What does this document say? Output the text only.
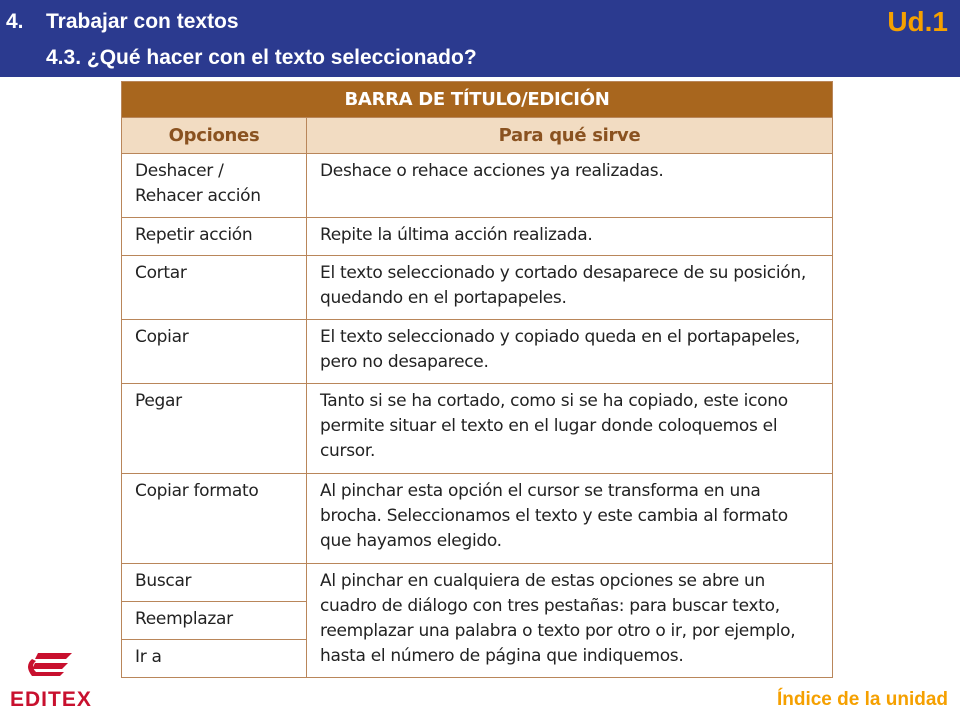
4. Trabajar con textos
4.3. ¿Qué hacer con el texto seleccionado?
Ud.1
BARRA DE TÍTULO/EDICIÓN	
Opciones	Para qué sirve
Deshacer / Rehacer acción	Deshace o rehace acciones ya realizadas.
Repetir acción	Repite la última acción realizada.
Cortar	El texto seleccionado y cortado desaparece de su posición, quedando en el portapapeles.
Copiar	El texto seleccionado y copiado queda en el portapapeles, pero no desaparece.
Pegar	Tanto si se ha cortado, como si se ha copiado, este icono permite situar el texto en el lugar donde coloquemos el cursor.
Copiar formato	Al pinchar esta opción el cursor se transforma en una brocha. Seleccionamos el texto y este cambia al formato que hayamos elegido.
Buscar	Al pinchar en cualquiera de estas opciones se abre un cuadro de diálogo con tres pestañas: para buscar texto, reemplazar una palabra o texto por otro o ir, por ejemplo, hasta el número de página que indiquemos.
Reemplazar	
Ir a	
EDITEX	Índice de la unidad
